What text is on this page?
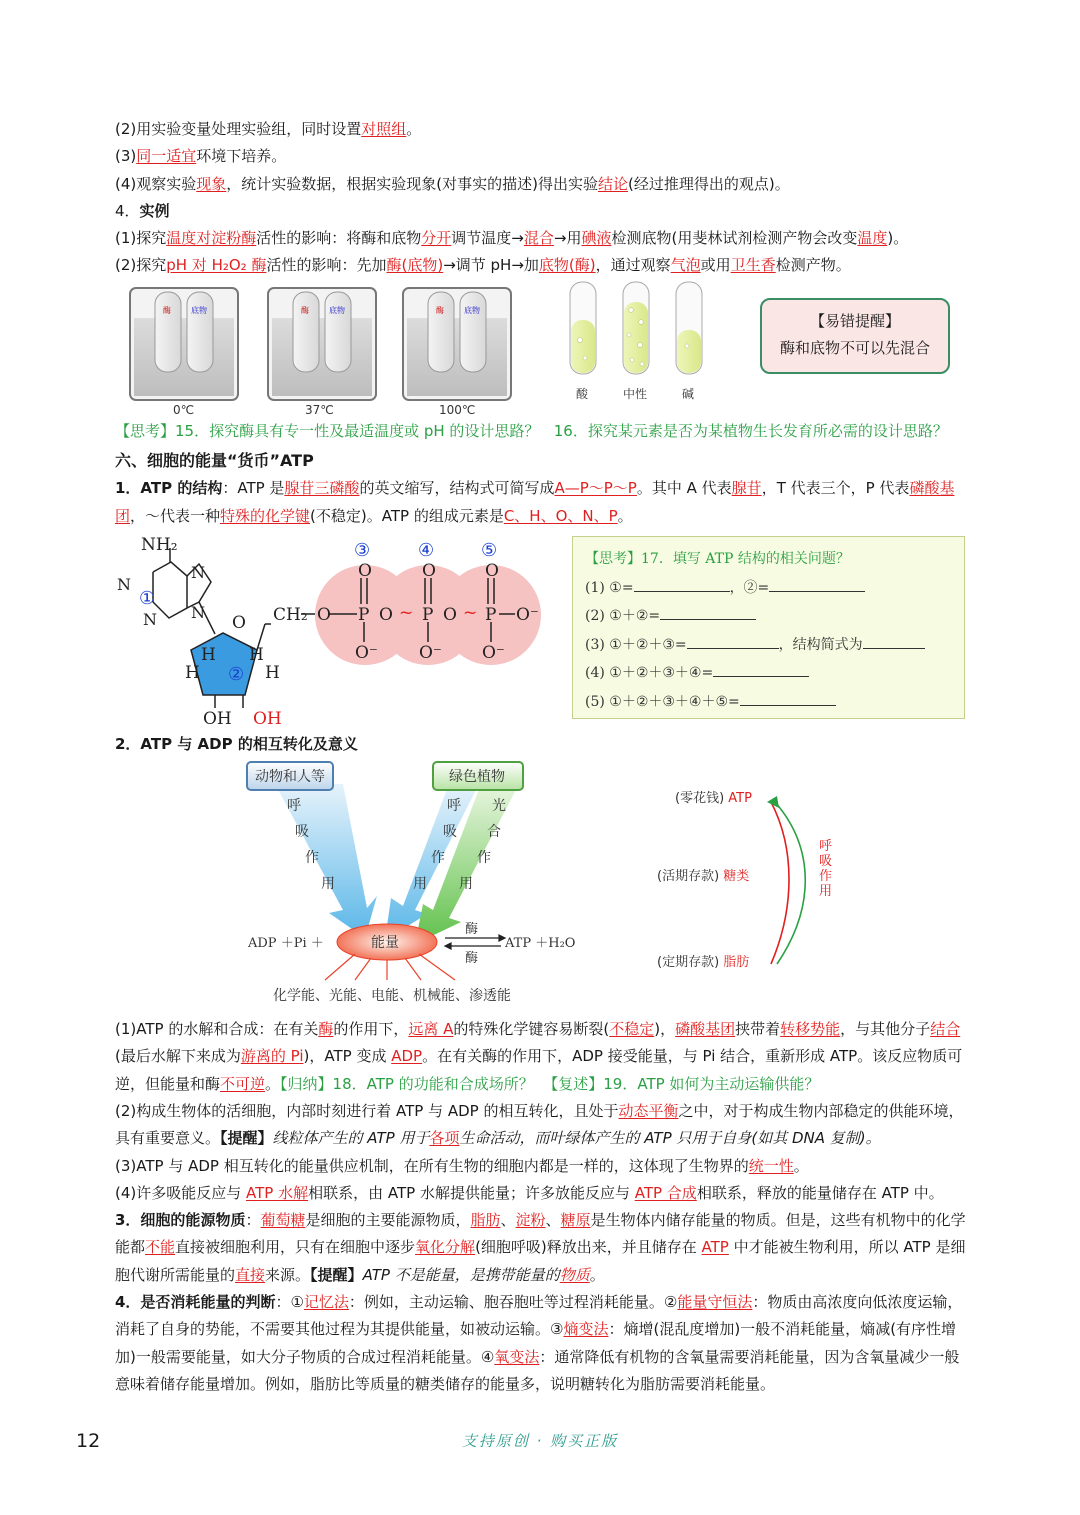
(2)用实验变量处理实验组，同时设置对照组。
(3)同一适宜环境下培养。
(4)观察实验现象，统计实验数据，根据实验现象(对事实的描述)得出实验结论(经过推理得出的观点)。
4．实例
(1)探究温度对淀粉酶活性的影响：将酶和底物分开调节温度→混合→用碘液检测底物(用斐林试剂检测产物会改变温度)。
(2)探究pH 对 H₂O₂ 酶活性的影响：先加酶(底物)→调节 pH→加底物(酶)，通过观察气泡或用卫生香检测产物。
酶	底物	酶	底物	酶	底物
0℃	37℃	100℃
酸	中性	碱
【易错提醒】
酶和底物不可以先混合
【思考】15．探究酶具有专一性及最适温度或 pH 的设计思路？ 16．探究某元素是否为某植物生长发育所必需的设计思路？
六、细胞的能量“货币”ATP
1．ATP 的结构：ATP 是腺苷三磷酸的英文缩写，结构式可简写成A—P～P～P。其中 A 代表腺苷，T 代表三个，P 代表磷酸基团，～代表一种特殊的化学键(不稳定)。ATP 的组成元素是C、H、O、N、P。
NH₂
N
N
N
N
O
H H
H	H
OH OH
CH₂ O P O P O P
O	O	O
O⁻ O⁻ O⁻
O⁻
~	~
①
②
③	④	⑤	【思考】17．填写 ATP 结构的相关问题？
(1) ①=	，②=
(2) ①＋②=
(3) ①＋②＋③=	，结构简式为
(4) ①＋②＋③＋④=
(5) ①＋②＋③＋④＋⑤=
2．ATP 与 ADP 的相互转化及意义
动物和人等	绿色植物
呼
吸
作
用
呼
吸
作
用
光
合
作
用
能量
ADP ＋Pi ＋	ATP ＋H₂O
酶
酶
化学能、光能、电能、机械能、渗透能
(零花钱) ATP
(活期存款) 糖类
(定期存款) 脂肪
呼
吸
作
用
(1)ATP 的水解和合成：在有关酶的作用下，远离 A的特殊化学键容易断裂(不稳定)，磷酸基团挟带着转移势能，与其他分子结合(最后水解下来成为游离的 Pi)，ATP 变成 ADP。在有关酶的作用下，ADP 接受能量，与 Pi 结合，重新形成 ATP。该反应物质可逆，但能量和酶不可逆。【归纳】18．ATP 的功能和合成场所？ 【复述】19．ATP 如何为主动运输供能？
(2)构成生物体的活细胞，内部时刻进行着 ATP 与 ADP 的相互转化，且处于动态平衡之中，对于构成生物内部稳定的供能环境，具有重要意义。【提醒】线粒体产生的 ATP 用于各项生命活动，而叶绿体产生的 ATP 只用于自身(如其 DNA 复制)。
(3)ATP 与 ADP 相互转化的能量供应机制，在所有生物的细胞内都是一样的，这体现了生物界的统一性。
(4)许多吸能反应与 ATP 水解相联系，由 ATP 水解提供能量；许多放能反应与 ATP 合成相联系，释放的能量储存在 ATP 中。
3．细胞的能源物质：葡萄糖是细胞的主要能源物质，脂肪、淀粉、糖原是生物体内储存能量的物质。但是，这些有机物中的化学能都不能直接被细胞利用，只有在细胞中逐步氧化分解(细胞呼吸)释放出来，并且储存在 ATP 中才能被生物利用，所以 ATP 是细胞代谢所需能量的直接来源。【提醒】ATP 不是能量，是携带能量的物质。
4．是否消耗能量的判断：①记忆法：例如，主动运输、胞吞胞吐等过程消耗能量。②能量守恒法：物质由高浓度向低浓度运输，消耗了自身的势能，不需要其他过程为其提供能量，如被动运输。③熵变法：熵增(混乱度增加)一般不消耗能量，熵减(有序性增加)一般需要能量，如大分子物质的合成过程消耗能量。④氧变法：通常降低有机物的含氧量需要消耗能量，因为含氧量减少一般意味着储存能量增加。例如，脂肪比等质量的糖类储存的能量多，说明糖转化为脂肪需要消耗能量。
12	支持原创 · 购买正版
